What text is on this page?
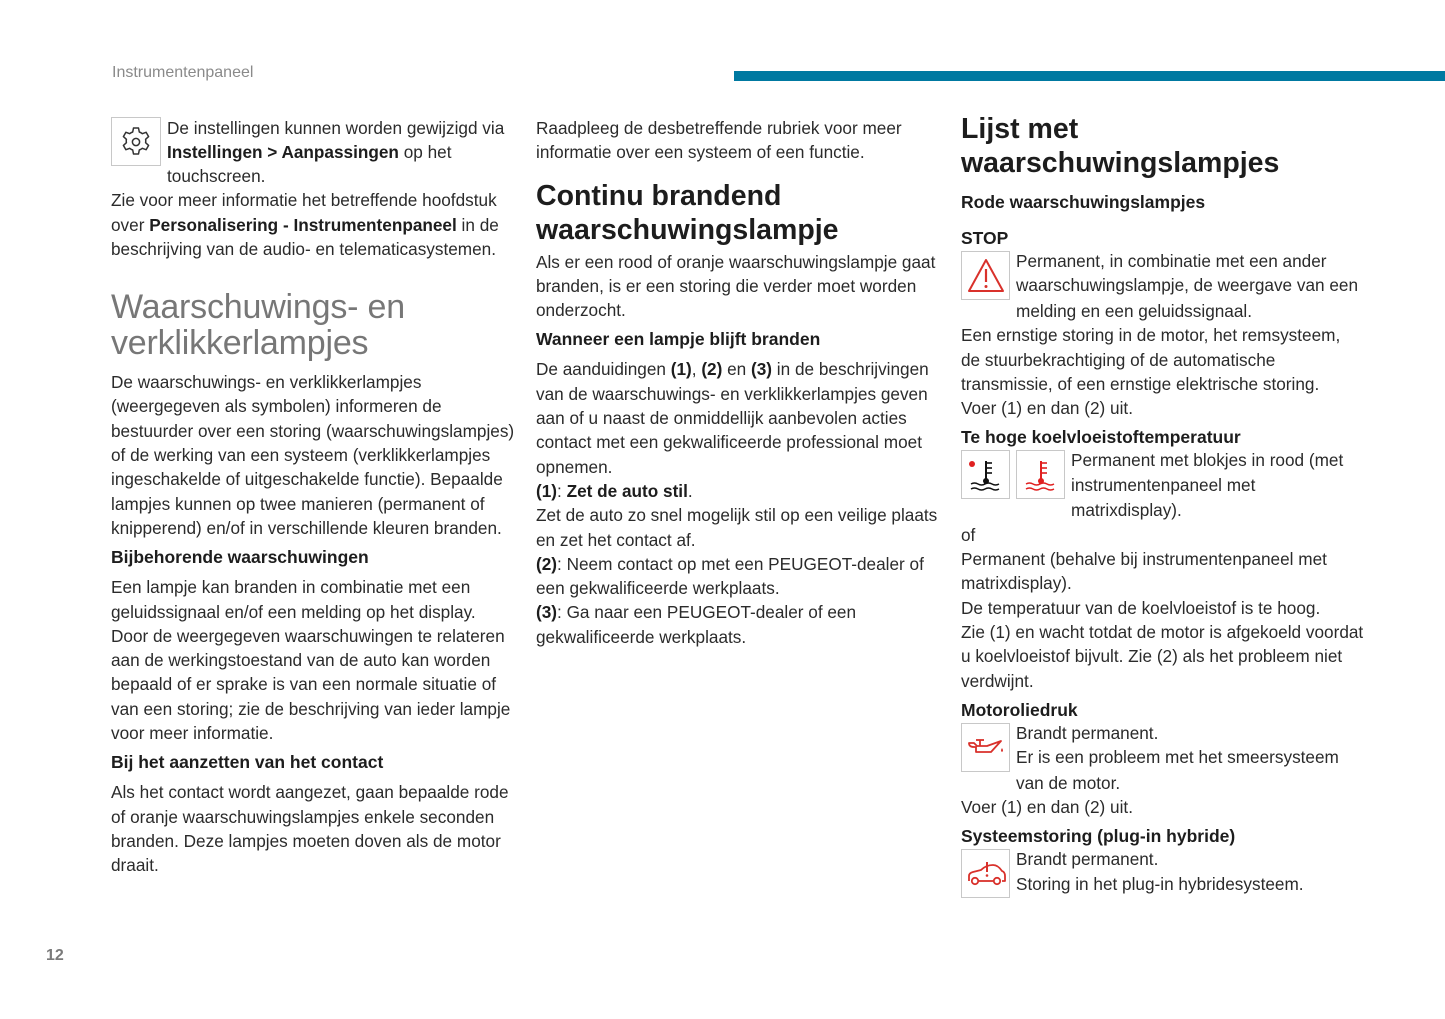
Instrumentenpaneel
12

De instellingen kunnen worden gewijzigd via

Instellingen > Aanpassingen op het

touchscreen.

Zie voor meer informatie het betreffende hoofdstuk

over Personalisering - Instrumentenpaneel in de

beschrijving van de audio- en telematicasystemen.

Waarschuwings- en
verklikkerlampjes

De waarschuwings- en verklikkerlampjes

(weergegeven als symbolen) informeren de

bestuurder over een storing (waarschuwingslampjes)

of de werking van een systeem (verklikkerlampjes

ingeschakelde of uitgeschakelde functie). Bepaalde

lampjes kunnen op twee manieren (permanent of

knipperend) en/of in verschillende kleuren branden.

Bijbehorende waarschuwingen

Een lampje kan branden in combinatie met een

geluidssignaal en/of een melding op het display.

Door de weergegeven waarschuwingen te relateren

aan de werkingstoestand van de auto kan worden

bepaald of er sprake is van een normale situatie of

van een storing; zie de beschrijving van ieder lampje

voor meer informatie.

Bij het aanzetten van het contact

Als het contact wordt aangezet, gaan bepaalde rode

of oranje waarschuwingslampjes enkele seconden

branden. Deze lampjes moeten doven als de motor

draait.

Raadpleeg de desbetreffende rubriek voor meer

informatie over een systeem of een functie.

Continu brandend
waarschuwingslampje

Als er een rood of oranje waarschuwingslampje gaat

branden, is er een storing die verder moet worden

onderzocht.

Wanneer een lampje blijft branden

De aanduidingen (1), (2) en (3) in de beschrijvingen

van de waarschuwings- en verklikkerlampjes geven

aan of u naast de onmiddellijk aanbevolen acties

contact met een gekwalificeerde professional moet

opnemen.

(1): Zet de auto stil.

Zet de auto zo snel mogelijk stil op een veilige plaats

en zet het contact af.

(2): Neem contact op met een PEUGEOT-dealer of

een gekwalificeerde werkplaats.

(3): Ga naar een PEUGEOT-dealer of een

gekwalificeerde werkplaats.

Lijst met
waarschuwingslampjes
Rode waarschuwingslampjes
STOP

Permanent, in combinatie met een ander

waarschuwingslampje, de weergave van een

melding en een geluidssignaal.

Een ernstige storing in de motor, het remsysteem,

de stuurbekrachtiging of de automatische

transmissie, of een ernstige elektrische storing.

Voer (1) en dan (2) uit.

Te hoge koelvloeistoftemperatuur

Permanent met blokjes in rood (met

instrumentenpaneel met

matrixdisplay).

of

Permanent (behalve bij instrumentenpaneel met

matrixdisplay).

De temperatuur van de koelvloeistof is te hoog.

Zie (1) en wacht totdat de motor is afgekoeld voordat

u koelvloeistof bijvult. Zie (2) als het probleem niet

verdwijnt.

Motoroliedruk

Brandt permanent.

Er is een probleem met het smeersysteem

van de motor.

Voer (1) en dan (2) uit.

Systeemstoring (plug-in hybride)

Brandt permanent.

Storing in het plug-in hybridesysteem.
